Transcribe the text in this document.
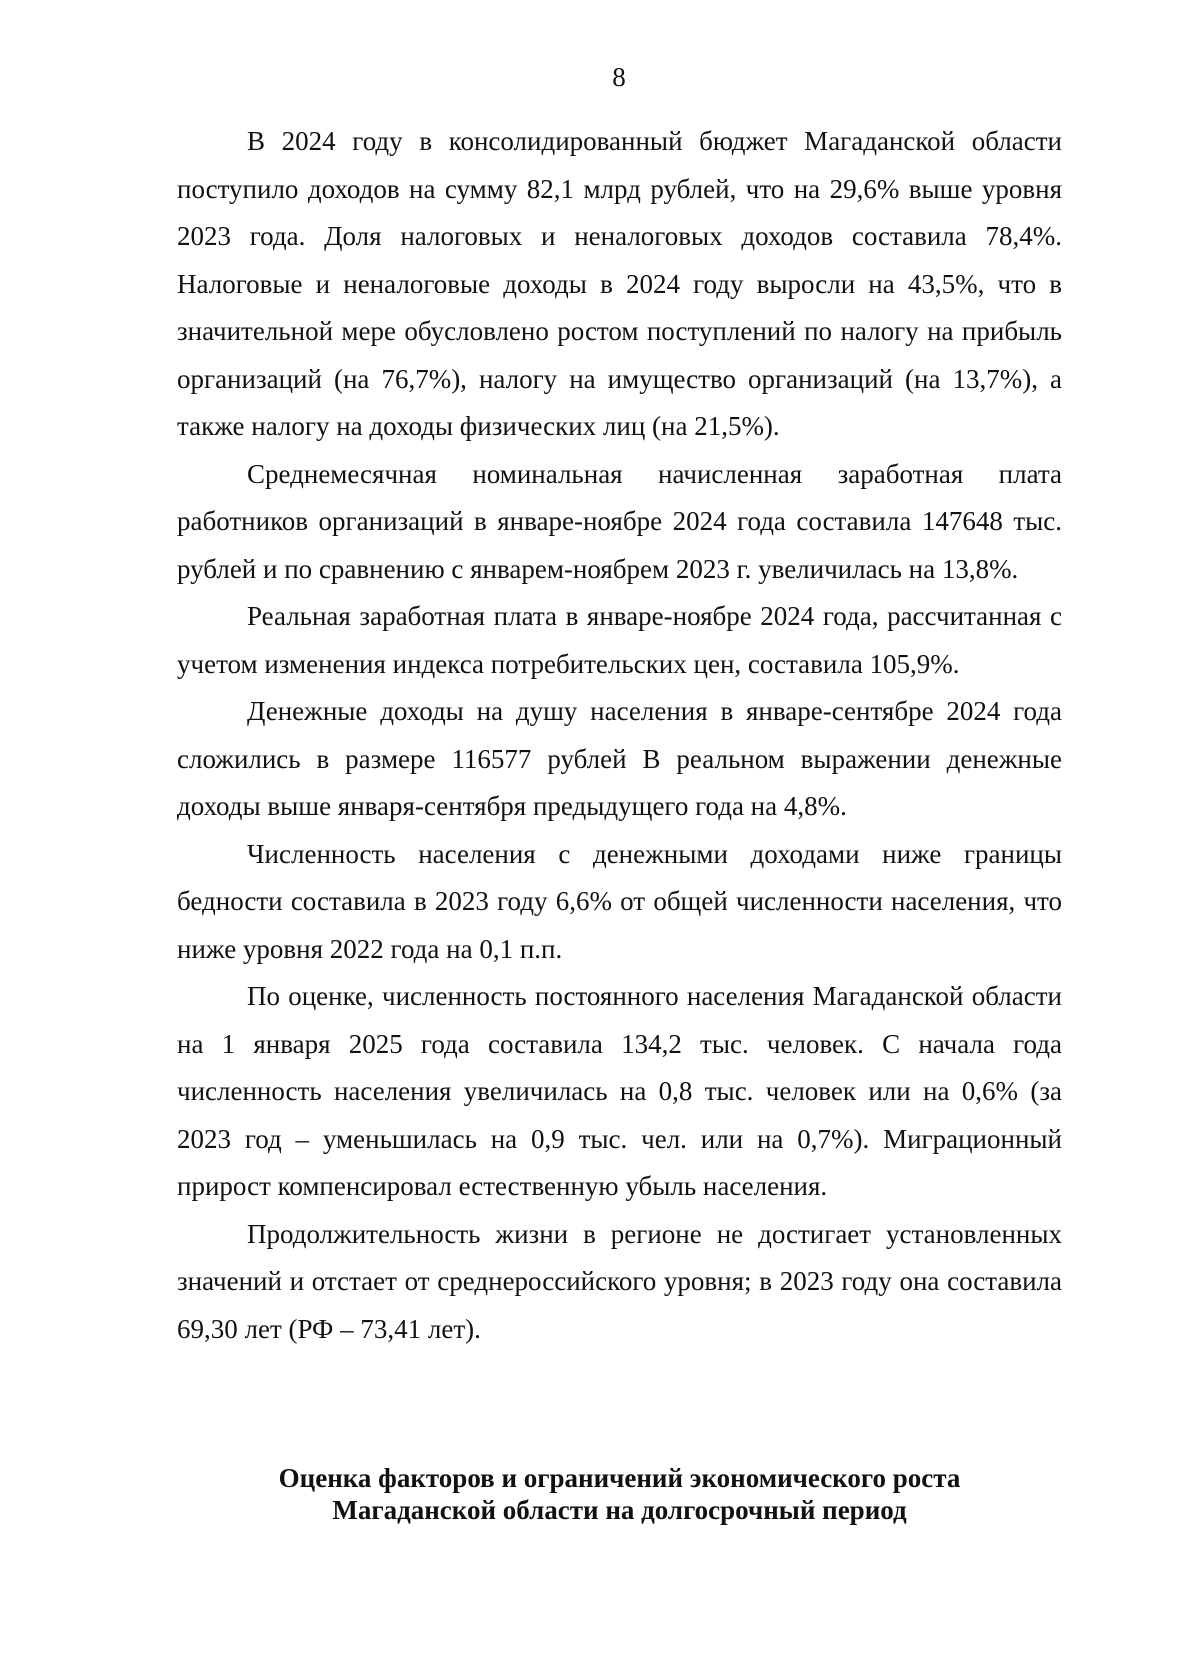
8

В 2024 году в консолидированный бюджет Магаданской области поступило доходов на сумму 82,1 млрд рублей, что на 29,6% выше уровня 2023 года. Доля налоговых и неналоговых доходов составила 78,4%. Налоговые и неналоговые доходы в 2024 году выросли на 43,5%, что в значительной мере обусловлено ростом поступлений по налогу на прибыль организаций (на 76,7%), налогу на имущество организаций (на 13,7%), а также налогу на доходы физических лиц (на 21,5%).

Среднемесячная номинальная начисленная заработная плата работников организаций в январе-ноябре 2024 года составила 147648 тыс. рублей и по сравнению с январем-ноябрем 2023 г. увеличилась на 13,8%.

Реальная заработная плата в январе-ноябре 2024 года, рассчитанная с учетом изменения индекса потребительских цен, составила 105,9%.

Денежные доходы на душу населения в январе-сентябре 2024 года сложились в размере 116577 рублей В реальном выражении денежные доходы выше января-сентября предыдущего года на 4,8%.

Численность населения с денежными доходами ниже границы бедности составила в 2023 году 6,6% от общей численности населения, что ниже уровня 2022 года на 0,1 п.п.

По оценке, численность постоянного населения Магаданской области на 1 января 2025 года составила 134,2 тыс. человек. С начала года численность населения увеличилась на 0,8 тыс. человек или на 0,6% (за 2023 год – уменьшилась на 0,9 тыс. чел. или на 0,7%). Миграционный прирост компенсировал естественную убыль населения.

Продолжительность жизни в регионе не достигает установленных значений и отстает от среднероссийского уровня; в 2023 году она составила 69,30 лет (РФ – 73,41 лет).

Оценка факторов и ограничений экономического роста
Магаданской области на долгосрочный период
